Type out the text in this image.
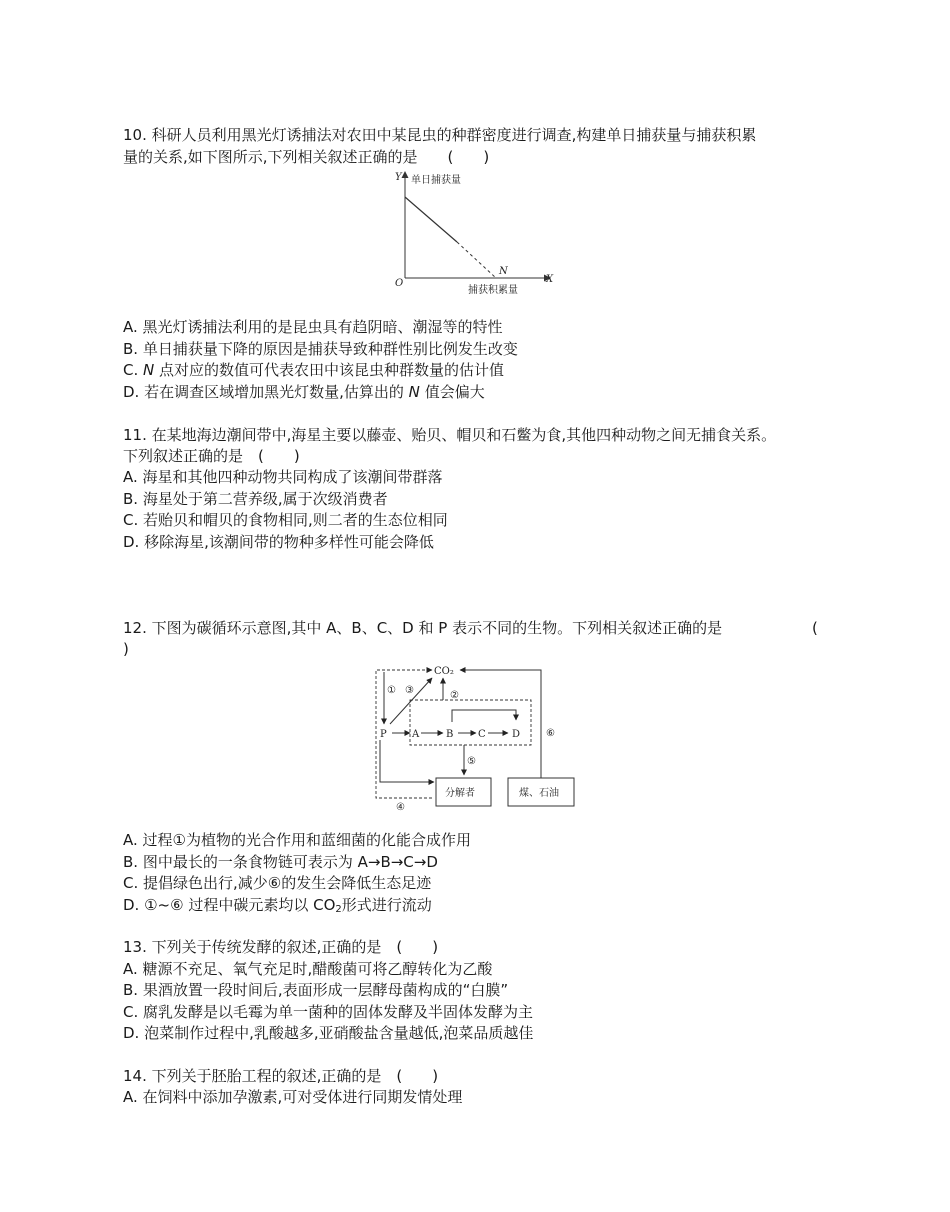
10. 科研人员利用黑光灯诱捕法对农田中某昆虫的种群密度进行调查,构建单日捕获量与捕获积累
量的关系,如下图所示,下列相关叙述正确的是　　(　　)
Y 单日捕获量
O
N
X
捕获积累量
A. 黑光灯诱捕法利用的是昆虫具有趋阴暗、潮湿等的特性
B. 单日捕获量下降的原因是捕获导致种群性别比例发生改变
C. N 点对应的数值可代表农田中该昆虫种群数量的估计值
D. 若在调查区域增加黑光灯数量,估算出的 N 值会偏大
11. 在某地海边潮间带中,海星主要以藤壶、贻贝、帽贝和石鳖为食,其他四种动物之间无捕食关系。
下列叙述正确的是　(　　)
A. 海星和其他四种动物共同构成了该潮间带群落
B. 海星处于第二营养级,属于次级消费者
C. 若贻贝和帽贝的食物相同,则二者的生态位相同
D. 移除海星,该潮间带的物种多样性可能会降低
12. 下图为碳循环示意图,其中 A、B、C、D 和 P 表示不同的生物。下列相关叙述正确的是	(
)
CO₂
P	A	B C	D
① ③	②
⑥
⑤
④
分解者	煤、石油
A. 过程①为植物的光合作用和蓝细菌的化能合成作用
B. 图中最长的一条食物链可表示为 A→B→C→D
C. 提倡绿色出行,减少⑥的发生会降低生态足迹
D. ①~⑥ 过程中碳元素均以 $CO_2$形式进行流动
13. 下列关于传统发酵的叙述,正确的是　(　　)
A. 糖源不充足、氧气充足时,醋酸菌可将乙醇转化为乙酸
B. 果酒放置一段时间后,表面形成一层酵母菌构成的“白膜”
C. 腐乳发酵是以毛霉为单一菌种的固体发酵及半固体发酵为主
D. 泡菜制作过程中,乳酸越多,亚硝酸盐含量越低,泡菜品质越佳
14. 下列关于胚胎工程的叙述,正确的是　(　　)
A. 在饲料中添加孕激素,可对受体进行同期发情处理
